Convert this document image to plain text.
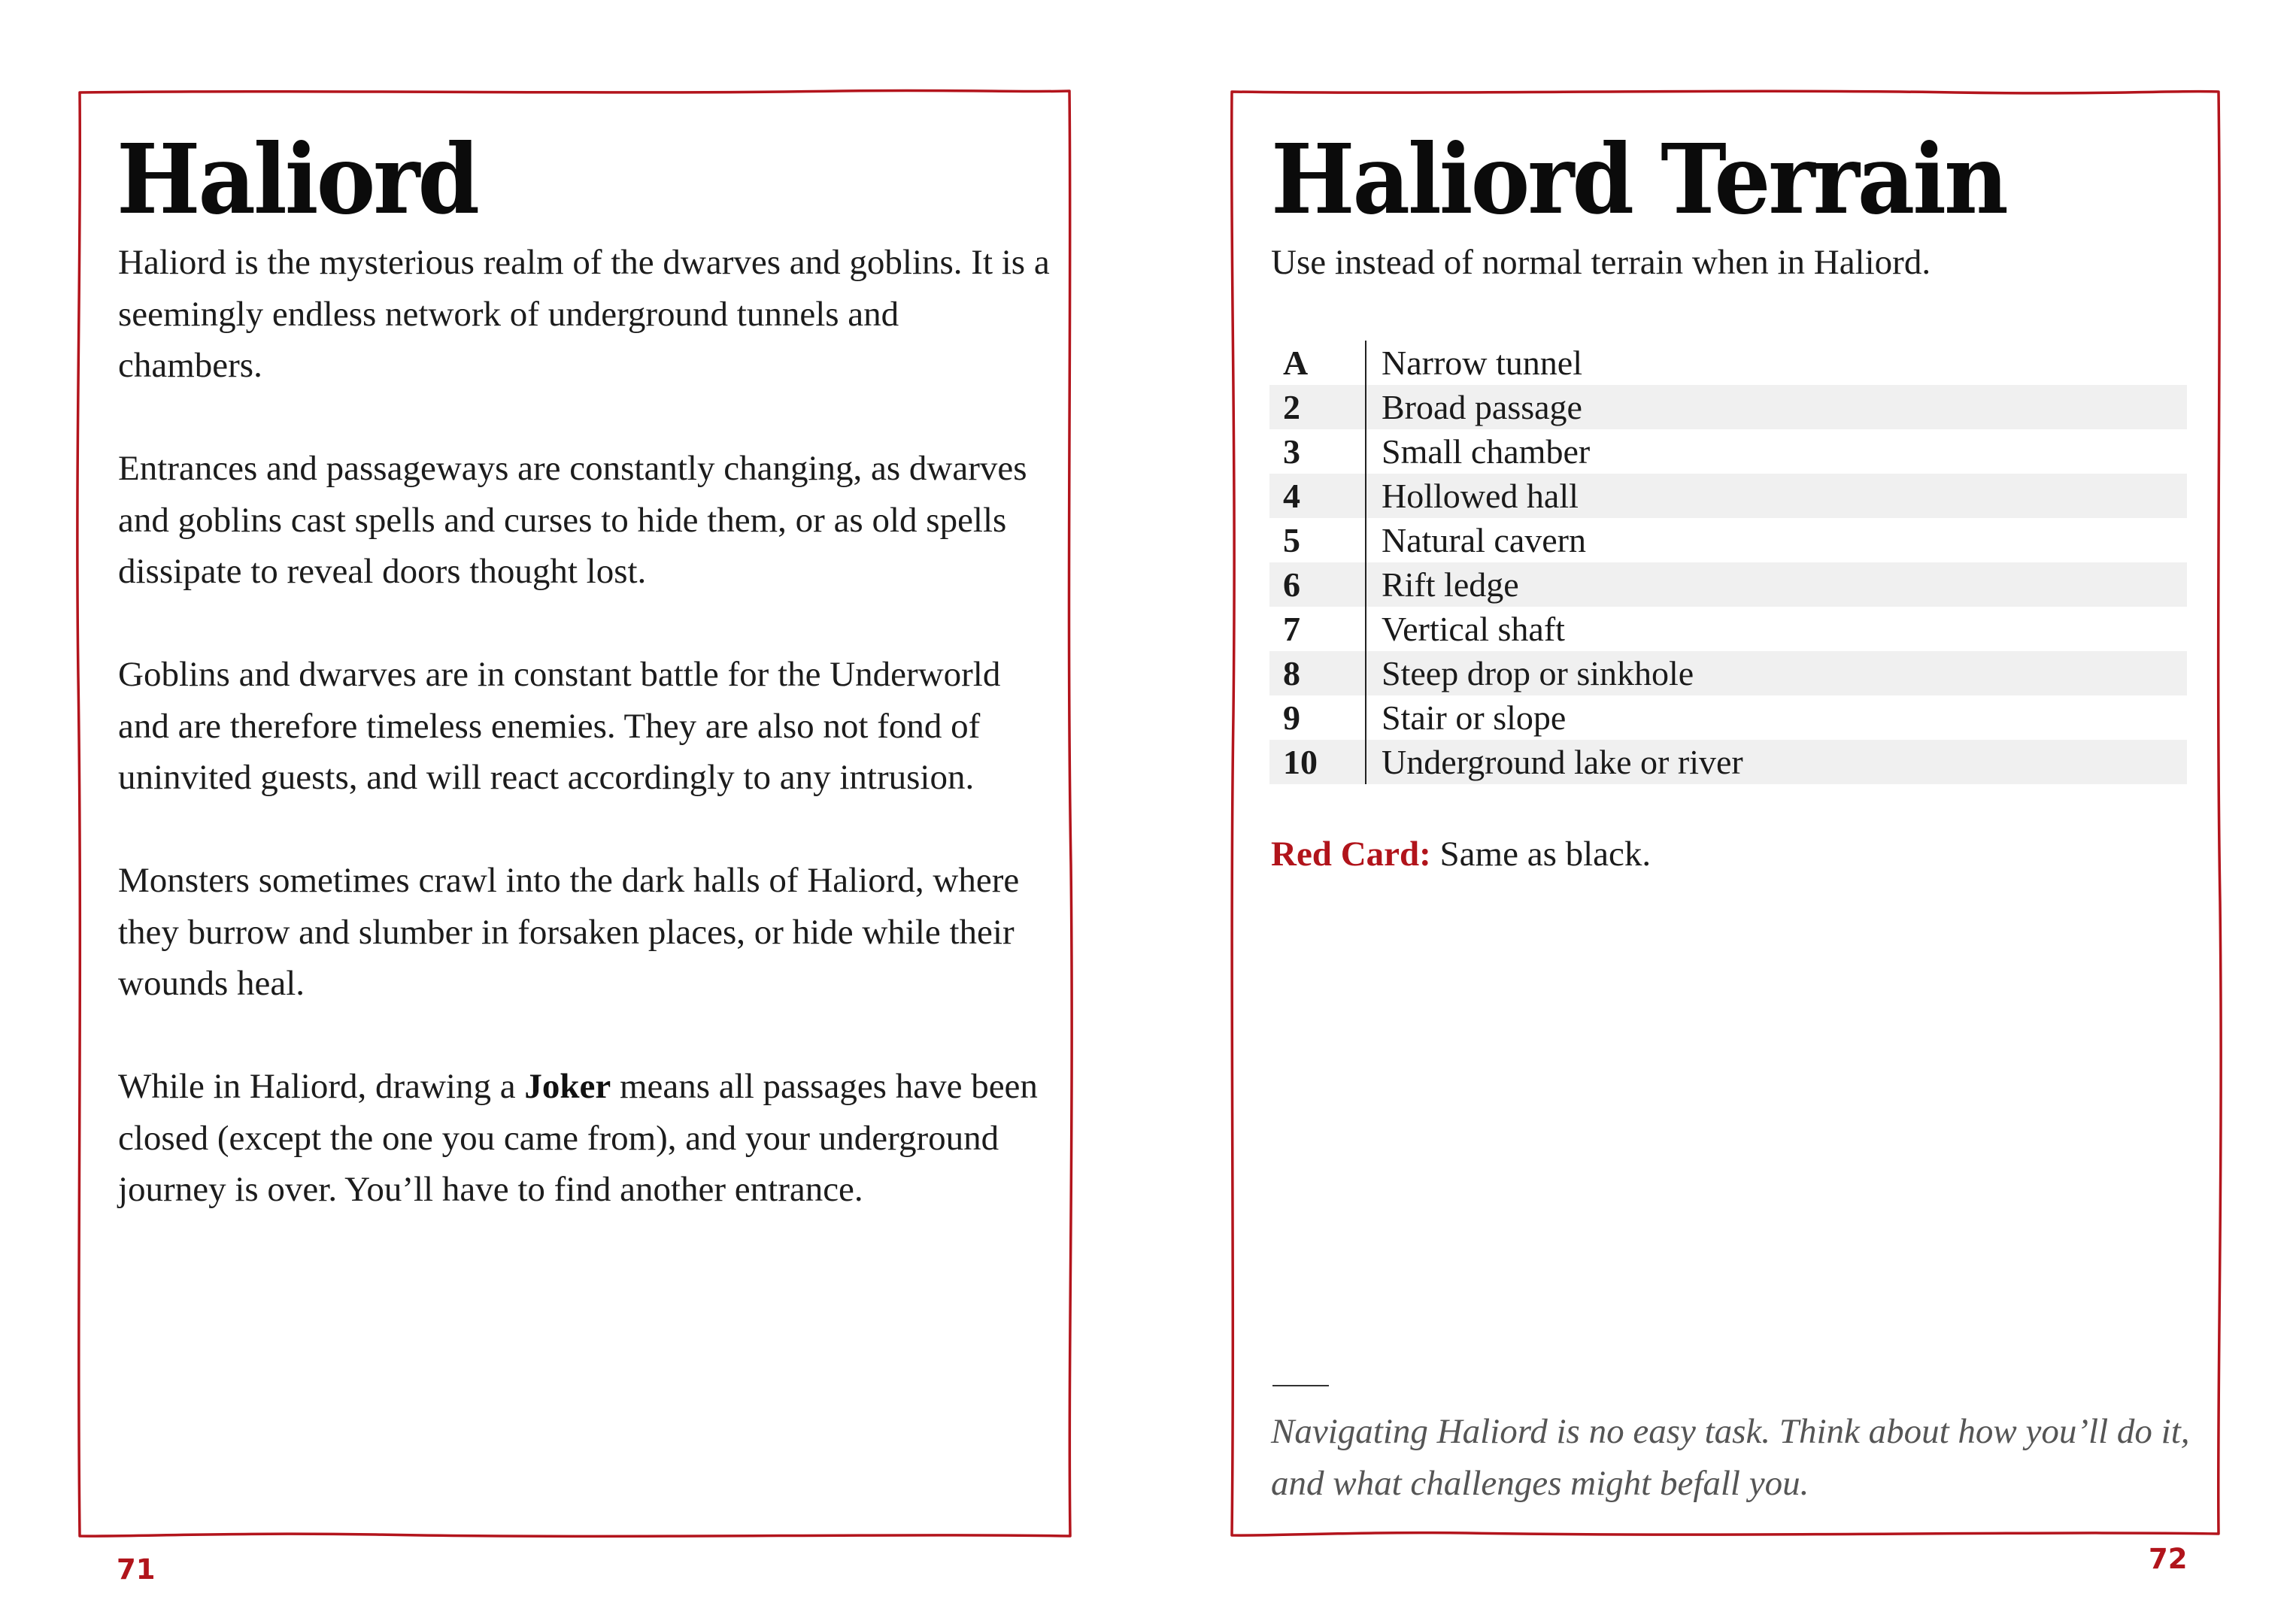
Haliord

Haliord is the mysterious realm of the dwarves and goblins. It is a seemingly endless network of underground tunnels and chambers.

Entrances and passageways are constantly changing, as dwarves and goblins cast spells and curses to hide them, or as old spells dissipate to reveal doors thought lost.

Goblins and dwarves are in constant battle for the Underworld and are therefore timeless enemies. They are also not fond of uninvited guests, and will react accordingly to any intrusion.

Monsters sometimes crawl into the dark halls of Haliord, where they burrow and slumber in forsaken places, or hide while their wounds heal.

While in Haliord, drawing a Joker means all passages have been closed (except the one you came from), and your underground journey is over. You’ll have to find another entrance.

71
Haliord Terrain

Use instead of normal terrain when in Haliord.

A	Narrow tunnel
2	Broad passage
3	Small chamber
4	Hollowed hall
5	Natural cavern
6	Rift ledge
7	Vertical shaft
8	Steep drop or sinkhole
9	Stair or slope
10	Underground lake or river

Red Card: Same as black.

Navigating Haliord is no easy task. Think about how you’ll do it, and what challenges might befall you.

72
